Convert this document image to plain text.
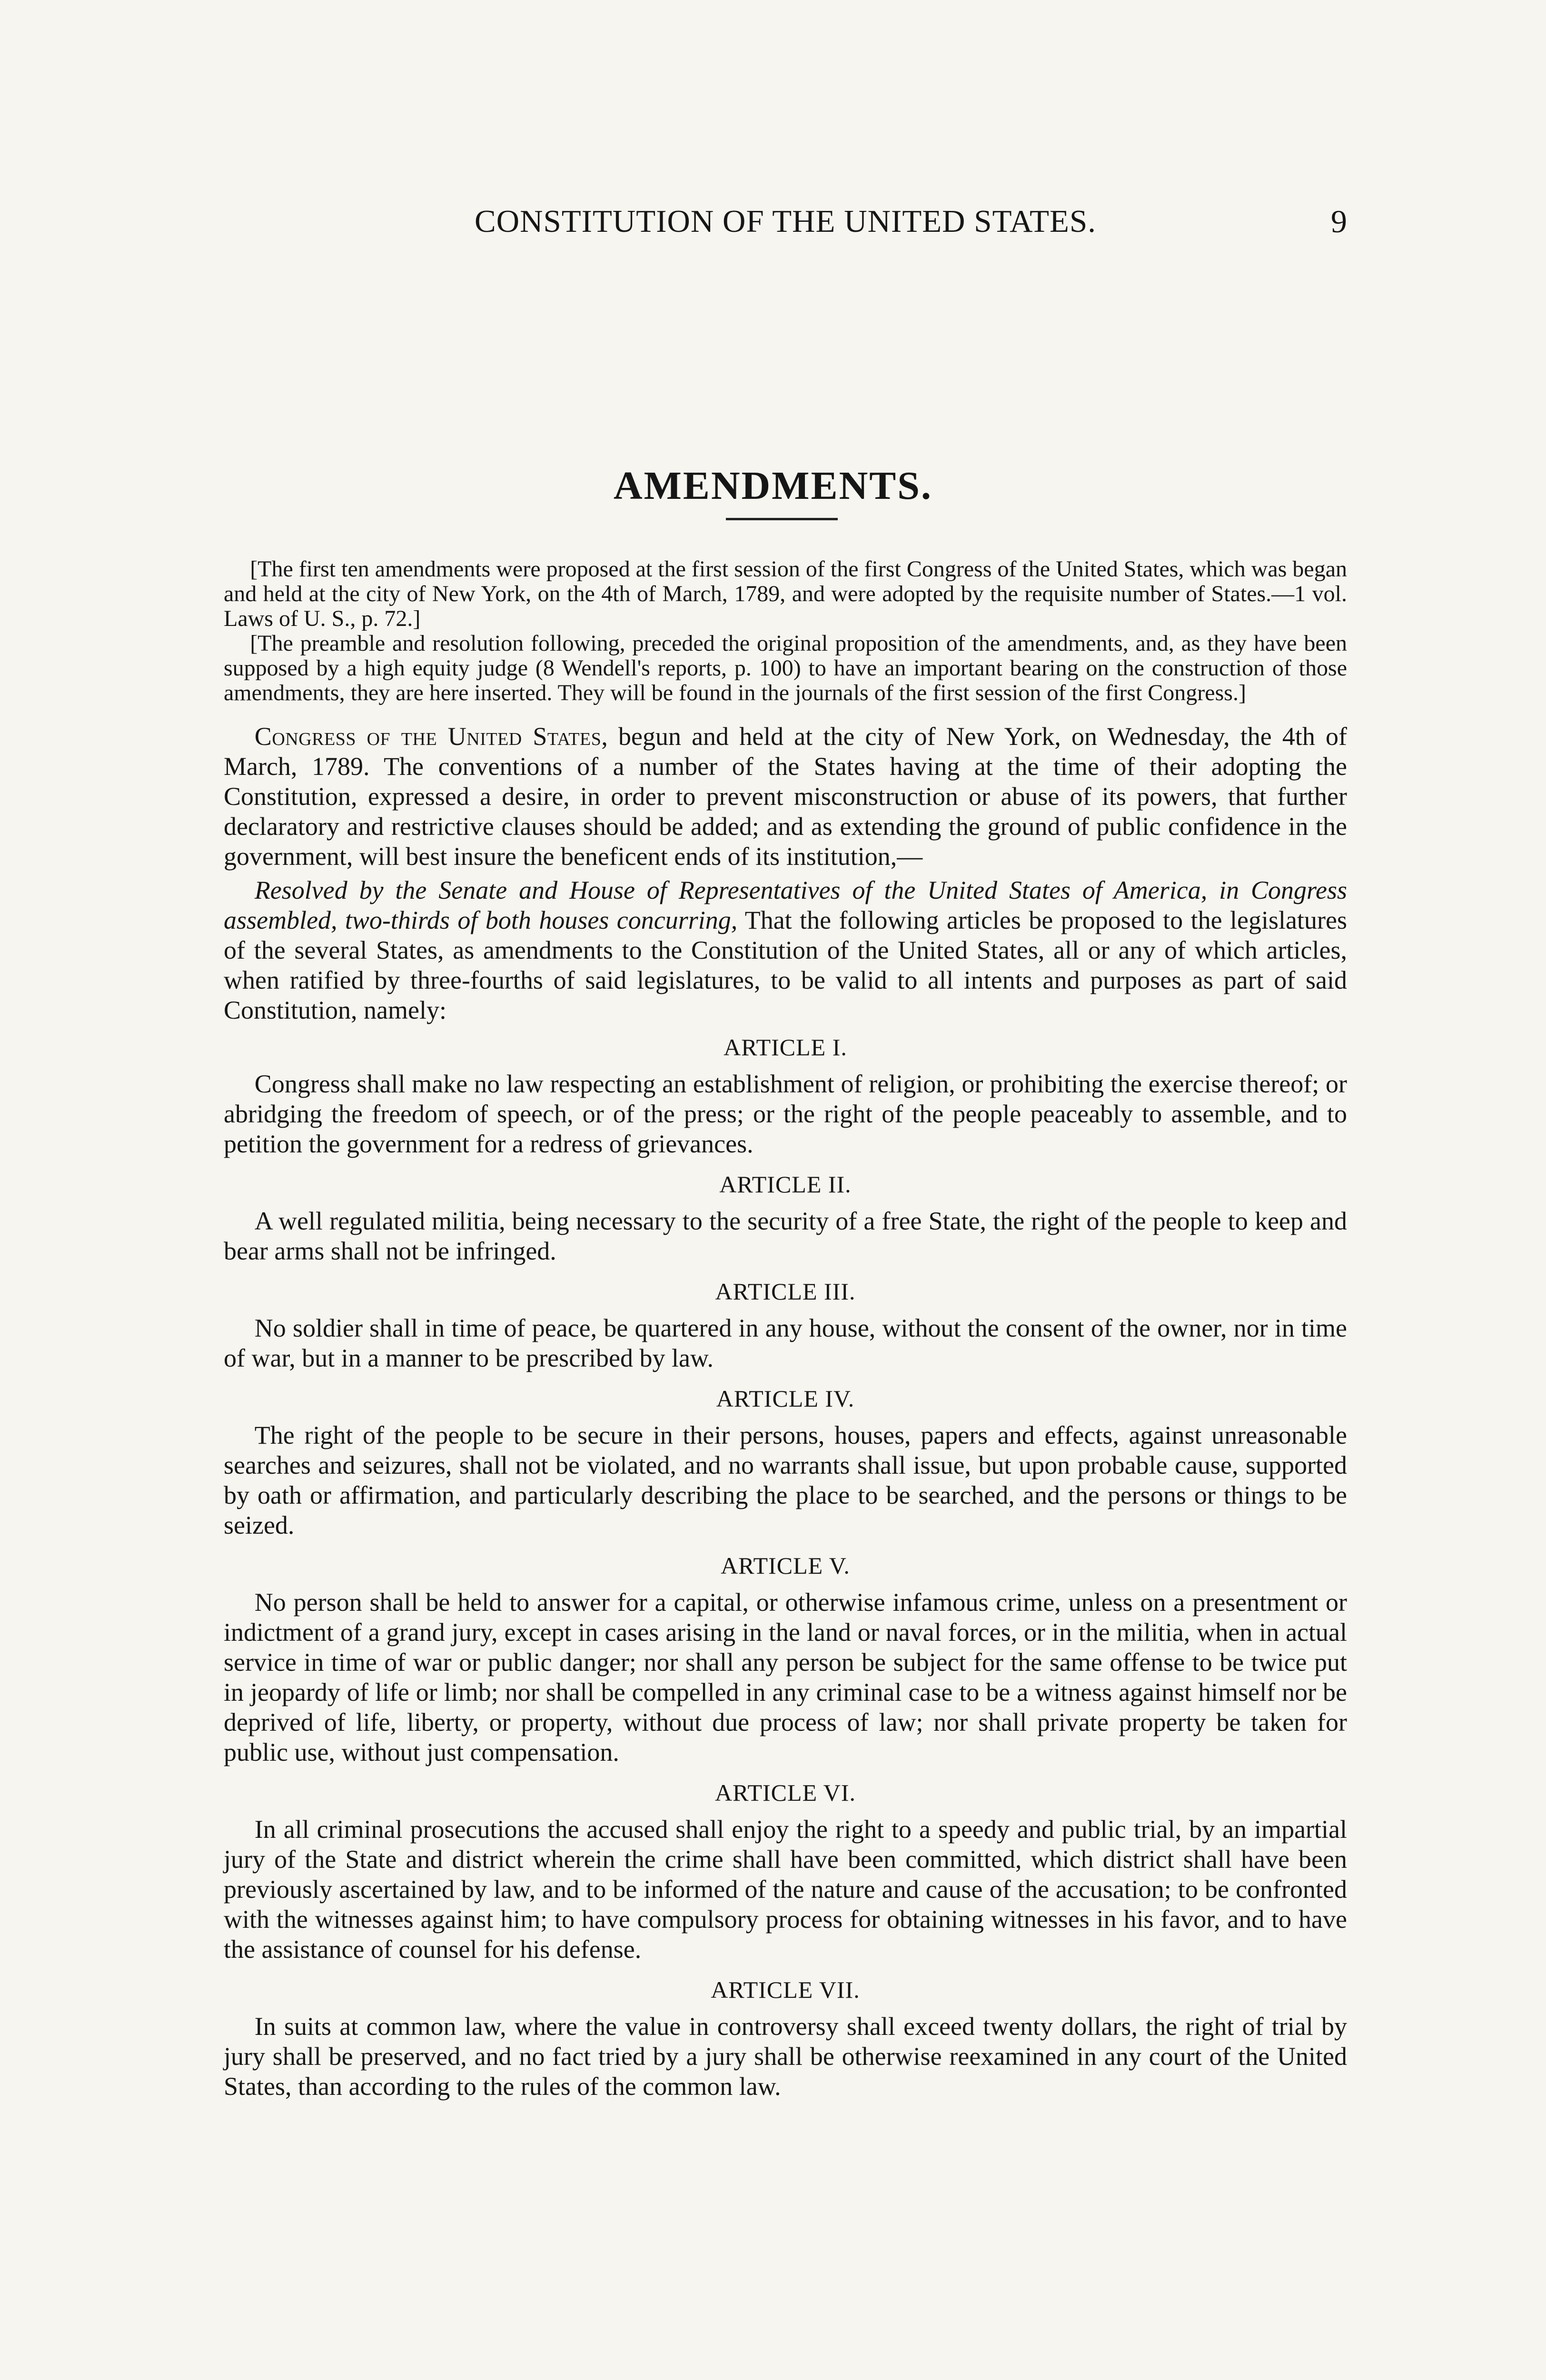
CONSTITUTION OF THE UNITED STATES.	9
AMENDMENTS.

[The first ten amendments were proposed at the first session of the first Congress of the United States, which was began and held at the city of New York, on the 4th of March, 1789, and were adopted by the requisite number of States.—1 vol. Laws of U. S., p. 72.]

[The preamble and resolution following, preceded the original proposition of the amendments, and, as they have been supposed by a high equity judge (8 Wendell's reports, p. 100) to have an important bearing on the construction of those amendments, they are here inserted. They will be found in the journals of the first session of the first Congress.]

Congress of the United States, begun and held at the city of New York, on Wednesday, the 4th of March, 1789. The conventions of a number of the States having at the time of their adopting the Constitution, expressed a desire, in order to prevent misconstruction or abuse of its powers, that further declaratory and restrictive clauses should be added; and as extending the ground of public confidence in the government, will best insure the beneficent ends of its institution,—

Resolved by the Senate and House of Representatives of the United States of America, in Congress assembled, two-thirds of both houses concurring, That the following articles be proposed to the legislatures of the several States, as amendments to the Constitution of the United States, all or any of which articles, when ratified by three-fourths of said legislatures, to be valid to all intents and purposes as part of said Constitution, namely:

ARTICLE I.

Congress shall make no law respecting an establishment of religion, or prohibiting the exercise thereof; or abridging the freedom of speech, or of the press; or the right of the people peaceably to assemble, and to petition the government for a redress of grievances.

ARTICLE II.

A well regulated militia, being necessary to the security of a free State, the right of the people to keep and bear arms shall not be infringed.

ARTICLE III.

No soldier shall in time of peace, be quartered in any house, without the consent of the owner, nor in time of war, but in a manner to be prescribed by law.

ARTICLE IV.

The right of the people to be secure in their persons, houses, papers and effects, against unreasonable searches and seizures, shall not be violated, and no warrants shall issue, but upon probable cause, supported by oath or affirmation, and particularly describing the place to be searched, and the persons or things to be seized.

ARTICLE V.

No person shall be held to answer for a capital, or otherwise infamous crime, unless on a presentment or indictment of a grand jury, except in cases arising in the land or naval forces, or in the militia, when in actual service in time of war or public danger; nor shall any person be subject for the same offense to be twice put in jeopardy of life or limb; nor shall be compelled in any criminal case to be a witness against himself nor be deprived of life, liberty, or property, without due process of law; nor shall private property be taken for public use, without just compensation.

ARTICLE VI.

In all criminal prosecutions the accused shall enjoy the right to a speedy and public trial, by an impartial jury of the State and district wherein the crime shall have been committed, which district shall have been previously ascertained by law, and to be informed of the nature and cause of the accusation; to be confronted with the witnesses against him; to have compulsory process for obtaining witnesses in his favor, and to have the assistance of counsel for his defense.

ARTICLE VII.

In suits at common law, where the value in controversy shall exceed twenty dollars, the right of trial by jury shall be preserved, and no fact tried by a jury shall be otherwise reexamined in any court of the United States, than according to the rules of the common law.
